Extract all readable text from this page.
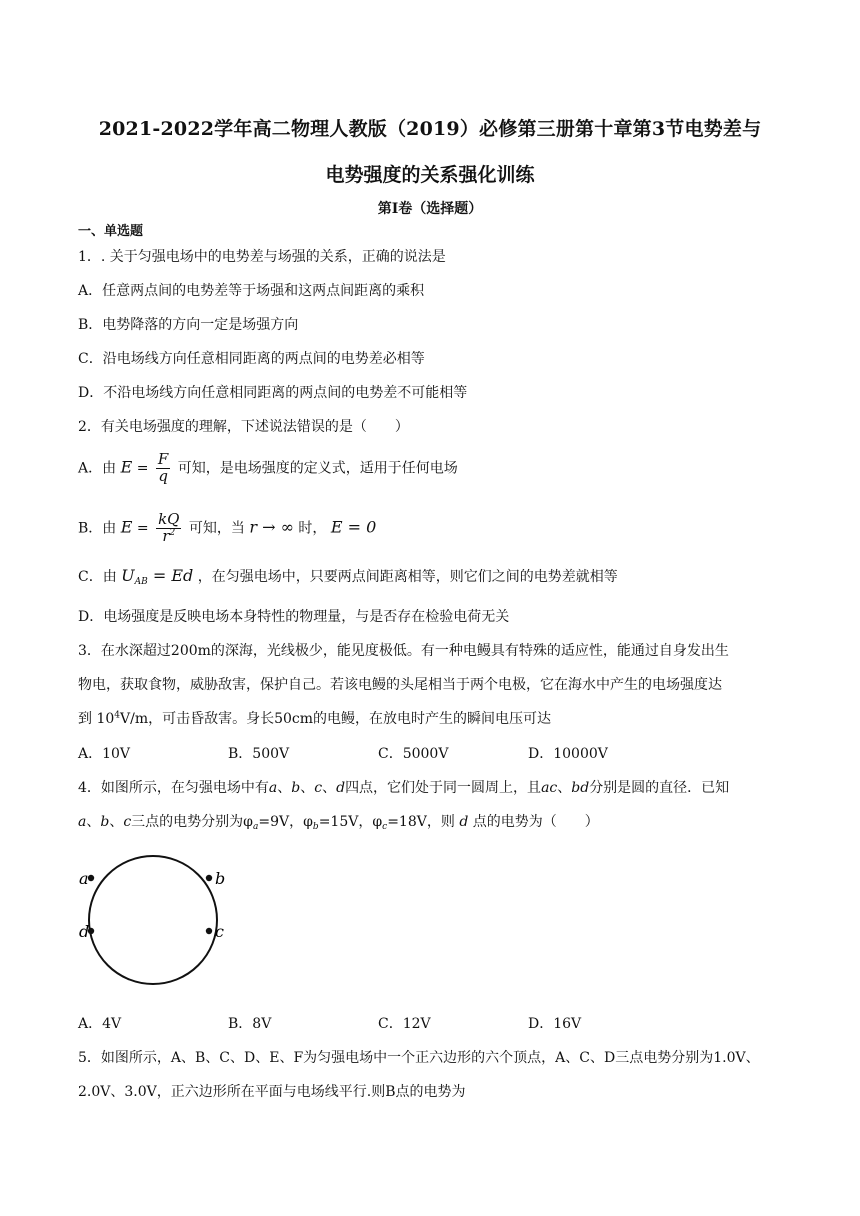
2021-2022学年高二物理人教版（2019）必修第三册第十章第3节电势差与
电势强度的关系强化训练
第Ⅰ卷（选择题）
一、单选题
1．. 关于匀强电场中的电势差与场强的关系，正确的说法是
A．任意两点间的电势差等于场强和这两点间距离的乘积
B．电势降落的方向一定是场强方向
C．沿电场线方向任意相同距离的两点间的电势差必相等
D．不沿电场线方向任意相同距离的两点间的电势差不可能相等
2．有关电场强度的理解，下述说法错误的是（　　）
A．由 $E = \frac{F}{q}$ 可知，是电场强度的定义式，适用于任何电场
B．由 $E = \frac{kQ}{r^2}$ 可知，当 r → ∞ 时， E = 0
C．由 $U_{AB} = Ed$ ，在匀强电场中，只要两点间距离相等，则它们之间的电势差就相等
D．电场强度是反映电场本身特性的物理量，与是否存在检验电荷无关
3．在水深超过200m的深海，光线极少，能见度极低。有一种电鳗具有特殊的适应性，能通过自身发出生
物电，获取食物，威胁敌害，保护自己。若该电鳗的头尾相当于两个电极，它在海水中产生的电场强度达
到 $10^4V/m$，可击昏敌害。身长50cm的电鳗，在放电时产生的瞬间电压可达
A．10V	B．500V	C．5000V	D．10000V
4．如图所示，在匀强电场中有a、b、c、d四点，它们处于同一圆周上，且ac、bd分别是圆的直径．已知
a、b、c三点的电势分别为$\varphi_a=9V$，$\varphi_b=15V$，$\varphi_c=18V$，则 d 点的电势为（　　）
a	b
c
d
A．4V	B．8V	C．12V	D．16V
5．如图所示，A、B、C、D、E、F为匀强电场中一个正六边形的六个顶点，A、C、D三点电势分别为1.0V、
2.0V、3.0V，正六边形所在平面与电场线平行.则B点的电势为
